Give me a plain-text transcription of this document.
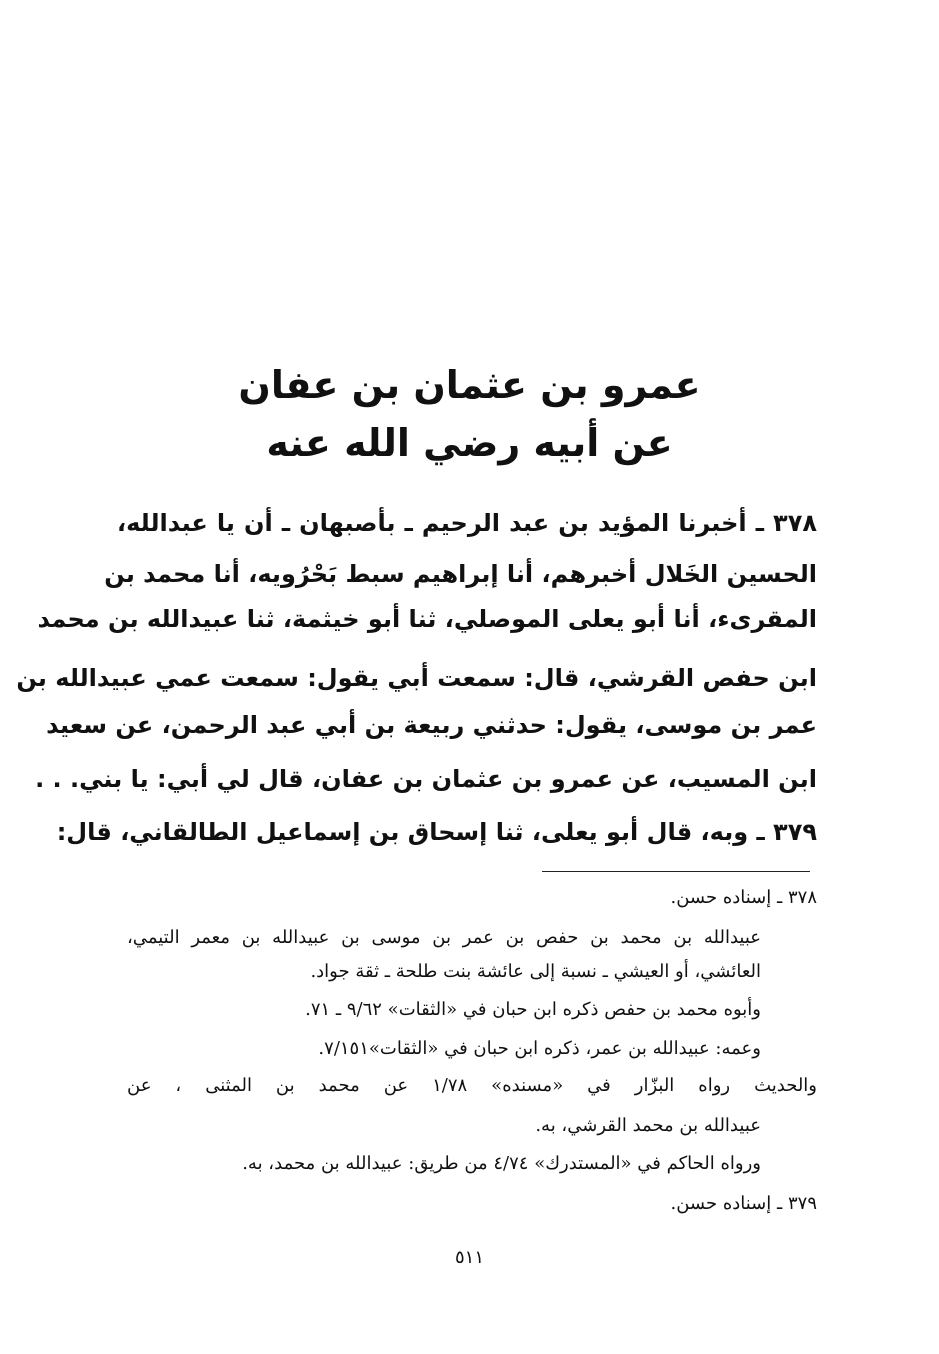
عمرو بن عثمان بن عفان
عن أبيه رضي الله عنه

٣٧٨ ـ أخبرنا المؤيد بن عبد الرحيم ـ بأصبهان ـ أن يا عبدالله،

الحسين الخَلال أخبرهم، أنا إبراهيم سبط بَحْرُويه، أنا محمد بن

المقرىء، أنا أبو يعلى الموصلي، ثنا أبو خيثمة، ثنا عبيدالله بن محمد

ابن حفص القرشي، قال: سمعت أبي يقول: سمعت عمي عبيدالله بن

عمر بن موسى، يقول: حدثني ربيعة بن أبي عبد الرحمن، عن سعيد

ابن المسيب، عن عمرو بن عثمان بن عفان، قال لي أبي: يا بني. . .

٣٧٩ ـ وبه، قال أبو يعلى، ثنا إسحاق بن إسماعيل الطالقاني، قال:

٣٧٨ ـ إسناده حسن.

عبيدالله بن محمد بن حفص بن عمر بن موسى بن عبيدالله بن معمر التيمي،

العائشي، أو العيشي ـ نسبة إلى عائشة بنت طلحة ـ ثقة جواد.

وأبوه محمد بن حفص ذكره ابن حبان في «الثقات» ٩/٦٢ ـ ٧١.

وعمه: عبيدالله بن عمر، ذكره ابن حبان في «الثقات»٧/١٥١.

والحديث رواه البزّار في «مسنده» ١/٧٨ عن محمد بن المثنى ، عن

عبيدالله بن محمد القرشي، به.

ورواه الحاكم في «المستدرك» ٤/٧٤ من طريق: عبيدالله بن محمد، به.

٣٧٩ ـ إسناده حسن.

٥١١
